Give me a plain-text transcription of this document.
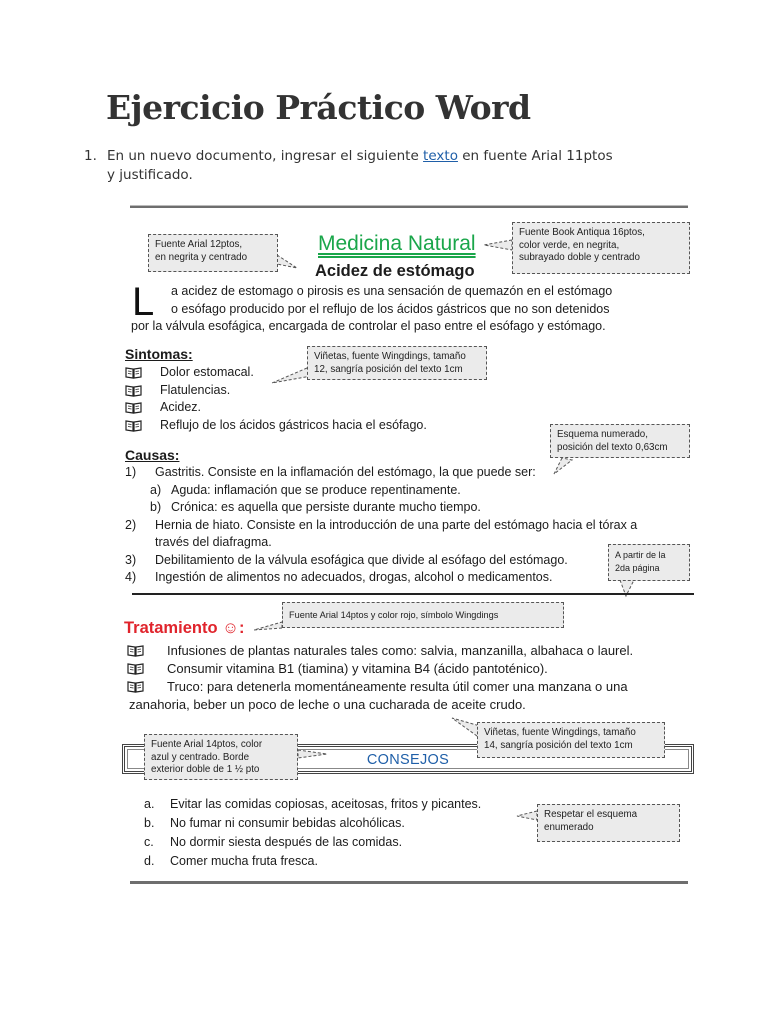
Ejercicio Práctico Word
1. En un nuevo documento, ingresar el siguiente texto en fuente Arial 11ptos
y justificado.
Fuente Arial 12ptos,
en negrita y centrado
Fuente Book Antiqua 16ptos,
color verde, en negrita,
subrayado doble y centrado
Medicina Natural
Acidez de estómago
L a acidez de estomago o pirosis es una sensación de quemazón en el estómago
o esófago producido por el reflujo de los ácidos gástricos que no son detenidos
por la válvula esofágica, encargada de controlar el paso entre el esófago y estómago.
Sintomas:	Viñetas, fuente Wingdings, tamaño
12, sangría posición del texto 1cm
Dolor estomacal.
Flatulencias.
Acidez.
Reflujo de los ácidos gástricos hacia el esófago.
Esquema numerado,
posición del texto 0,63cm
Causas:
1) Gastritis. Consiste en la inflamación del estómago, la que puede ser:
a) Aguda: inflamación que se produce repentinamente.
b) Crónica: es aquella que persiste durante mucho tiempo.
2) Hernia de hiato. Consiste en la introducción de una parte del estómago hacia el tórax a
través del diafragma.
3) Debilitamiento de la válvula esofágica que divide al esófago del estómago.
4) Ingestión de alimentos no adecuados, drogas, alcohol o medicamentos.
A partir de la
2da página
Fuente Arial 14ptos y color rojo, símbolo Wingdings
Tratamiento ☺:
Infusiones de plantas naturales tales como: salvia, manzanilla, albahaca o laurel.
Consumir vitamina B1 (tiamina) y vitamina B4 (ácido pantoténico).
Truco: para detenerla momentáneamente resulta útil comer una manzana o una
zanahoria, beber un poco de leche o una cucharada de aceite crudo.
CONSEJOS
Fuente Arial 14ptos, color
azul y centrado. Borde
exterior doble de 1 ½ pto
Viñetas, fuente Wingdings, tamaño
14, sangría posición del texto 1cm
a. Evitar las comidas copiosas, aceitosas, fritos y picantes.
b. No fumar ni consumir bebidas alcohólicas.
c. No dormir siesta después de las comidas.
d. Comer mucha fruta fresca.
Respetar el esquema
enumerado
